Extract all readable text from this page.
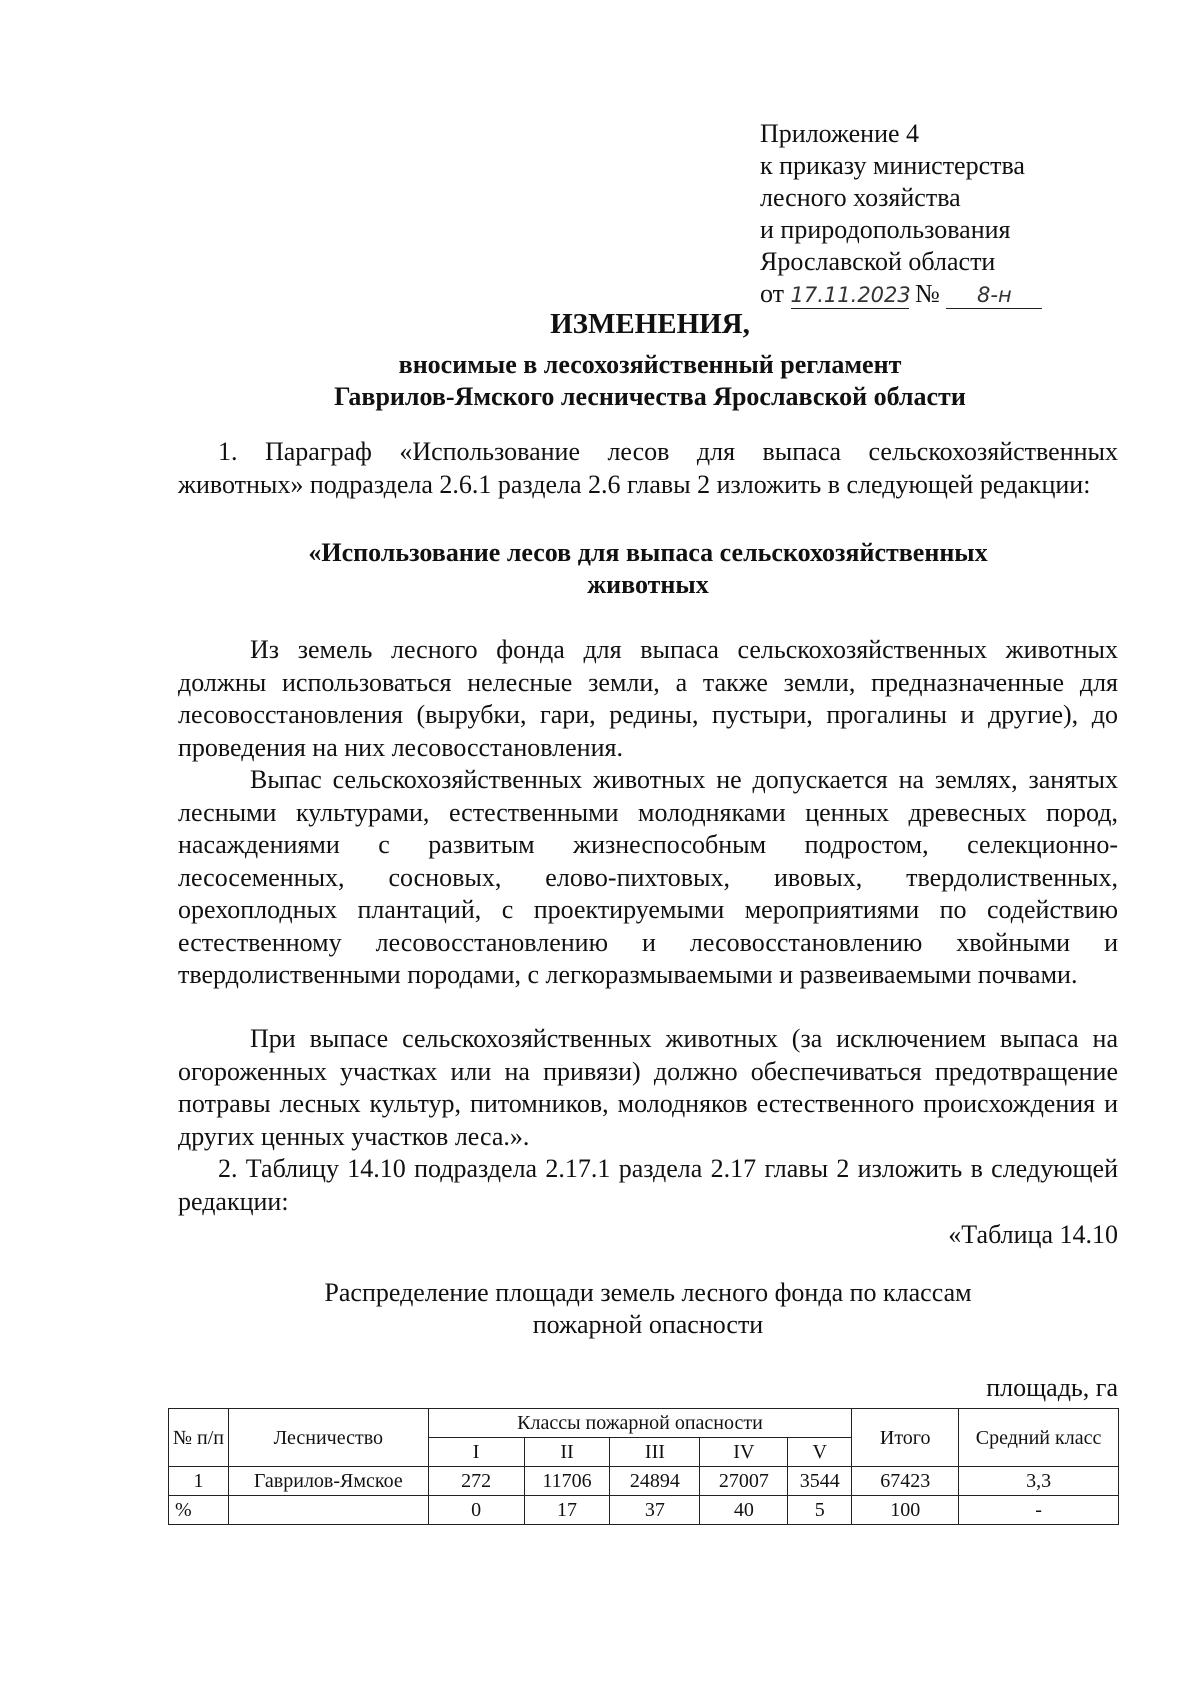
Приложение 4
к приказу министерства
лесного хозяйства
и природопользования
Ярославской области
от 17.11.2023 № 8-н
ИЗМЕНЕНИЯ,
вносимые в лесохозяйственный регламент
Гаврилов-Ямского лесничества Ярославской области
1. Параграф «Использование лесов для выпаса сельскохозяйственных животных» подраздела 2.6.1 раздела 2.6 главы 2 изложить в следующей редакции:
«Использование лесов для выпаса сельскохозяйственных животных
Из земель лесного фонда для выпаса сельскохозяйственных животных должны использоваться нелесные земли, а также земли, предназначенные для лесовосстановления (вырубки, гари, редины, пустыри, прогалины и другие), до проведения на них лесовосстановления.
Выпас сельскохозяйственных животных не допускается на землях, занятых лесными культурами, естественными молодняками ценных древесных пород, насаждениями с развитым жизнеспособным подростом, селекционно-лесосеменных, сосновых, елово-пихтовых, ивовых, твердолиственных, орехоплодных плантаций, с проектируемыми мероприятиями по содействию естественному лесовосстановлению и лесовосстановлению хвойными и твердолиственными породами, с легкоразмываемыми и развеиваемыми почвами.
При выпасе сельскохозяйственных животных (за исключением выпаса на огороженных участках или на привязи) должно обеспечиваться предотвращение потравы лесных культур, питомников, молодняков естественного происхождения и других ценных участков леса.».
2. Таблицу 14.10 подраздела 2.17.1 раздела 2.17 главы 2 изложить в следующей редакции:
«Таблица 14.10
Распределение площади земель лесного фонда по классам
пожарной опасности
площадь, га
№ п/п	Лесничество	Классы пожарной опасности					Итого	Средний класс
		I	II	III	IV	V		
1	Гаврилов-Ямское	272	11706	24894	27007	3544	67423	3,3
%		0	17	37	40	5	100	-
